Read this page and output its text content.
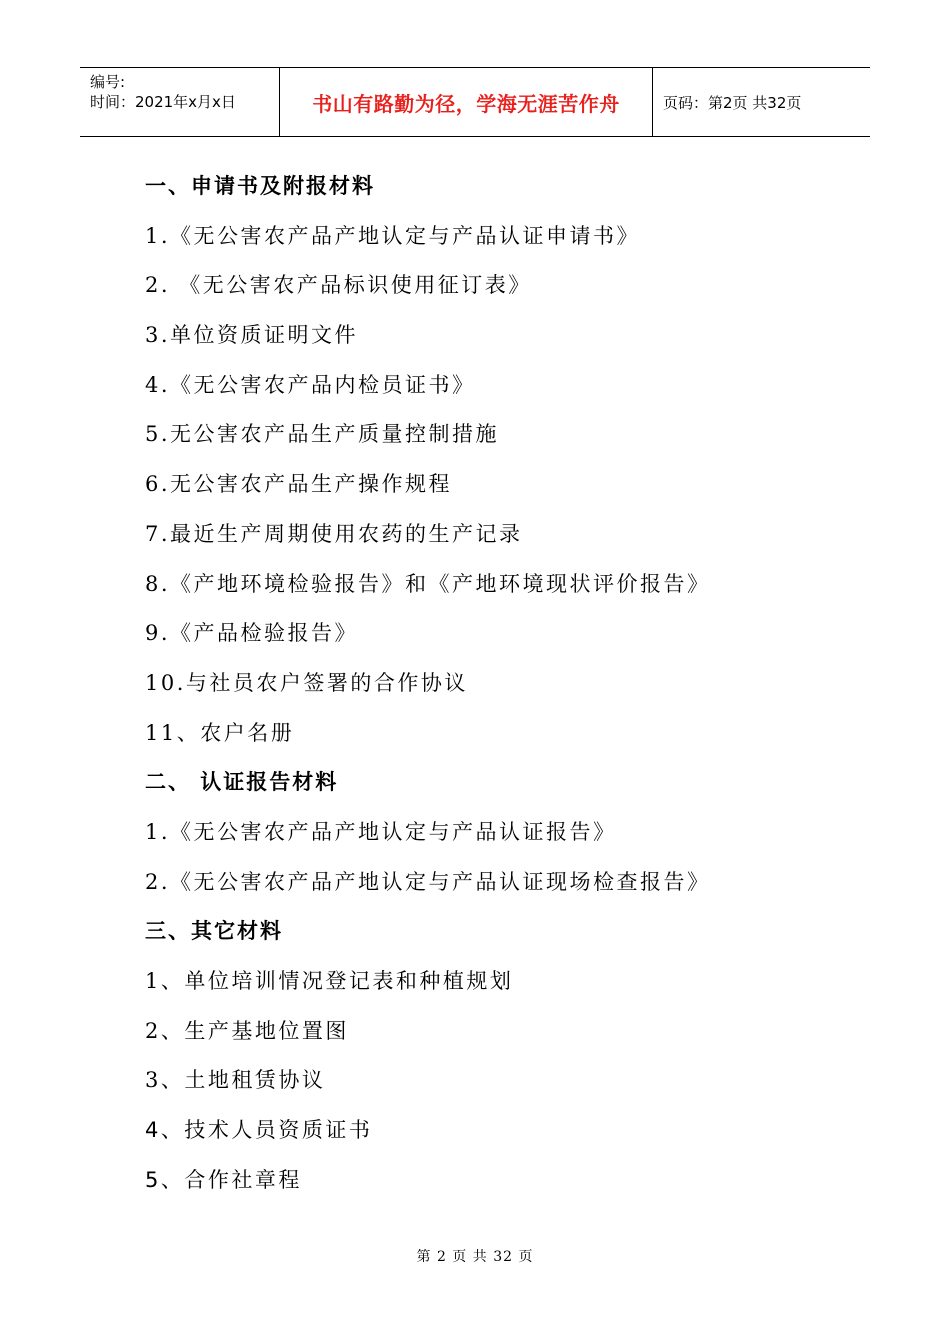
编号:
时间：2021年x月x日	书山有路勤为径，学海无涯苦作舟	页码：第2页 共32页
一、申请书及附报材料
1.《无公害农产品产地认定与产品认证申请书》
2. 《无公害农产品标识使用征订表》
3.单位资质证明文件
4.《无公害农产品内检员证书》
5.无公害农产品生产质量控制措施
6.无公害农产品生产操作规程
7.最近生产周期使用农药的生产记录
8.《产地环境检验报告》和《产地环境现状评价报告》
9.《产品检验报告》
10.与社员农户签署的合作协议
11、农户名册
二、 认证报告材料
1.《无公害农产品产地认定与产品认证报告》
2.《无公害农产品产地认定与产品认证现场检查报告》
三、其它材料
1、单位培训情况登记表和种植规划
2、生产基地位置图
3、土地租赁协议
4、技术人员资质证书
5、合作社章程
第 2 页 共 32 页
